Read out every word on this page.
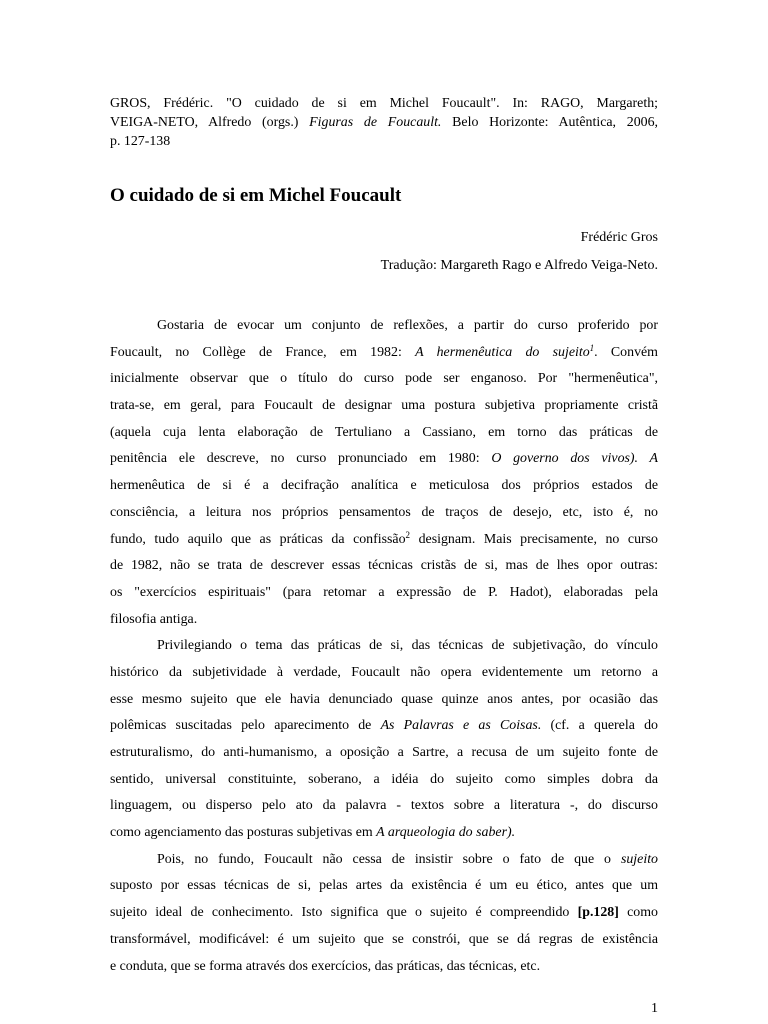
GROS, Frédéric. "O cuidado de si em Michel Foucault". In: RAGO, Margareth;
VEIGA-NETO, Alfredo (orgs.) Figuras de Foucault. Belo Horizonte: Autêntica, 2006,
p. 127-138
O cuidado de si em Michel Foucault
Frédéric Gros
Tradução: Margareth Rago e Alfredo Veiga-Neto.
Gostaria de evocar um conjunto de reflexões, a partir do curso proferido por
Foucault, no Collège de France, em 1982: A hermenêutica do sujeito$^1$. Convém
inicialmente observar que o título do curso pode ser enganoso. Por "hermenêutica",
trata-se, em geral, para Foucault de designar uma postura subjetiva propriamente cristã
(aquela cuja lenta elaboração de Tertuliano a Cassiano, em torno das práticas de
penitência ele descreve, no curso pronunciado em 1980: O governo dos vivos). A
hermenêutica de si é a decifração analítica e meticulosa dos próprios estados de
consciência, a leitura nos próprios pensamentos de traços de desejo, etc, isto é, no
fundo, tudo aquilo que as práticas da confissão$^2$ designam. Mais precisamente, no curso
de 1982, não se trata de descrever essas técnicas cristãs de si, mas de lhes opor outras:
os "exercícios espirituais" (para retomar a expressão de P. Hadot), elaboradas pela
filosofia antiga.
Privilegiando o tema das práticas de si, das técnicas de subjetivação, do vínculo
histórico da subjetividade à verdade, Foucault não opera evidentemente um retorno a
esse mesmo sujeito que ele havia denunciado quase quinze anos antes, por ocasião das
polêmicas suscitadas pelo aparecimento de As Palavras e as Coisas. (cf. a querela do
estruturalismo, do anti-humanismo, a oposição a Sartre, a recusa de um sujeito fonte de
sentido, universal constituinte, soberano, a idéia do sujeito como simples dobra da
linguagem, ou disperso pelo ato da palavra - textos sobre a literatura -, do discurso
como agenciamento das posturas subjetivas em A arqueologia do saber).
Pois, no fundo, Foucault não cessa de insistir sobre o fato de que o sujeito
suposto por essas técnicas de si, pelas artes da existência é um eu ético, antes que um
sujeito ideal de conhecimento. Isto significa que o sujeito é compreendido [p.128] como
transformável, modificável: é um sujeito que se constrói, que se dá regras de existência
e conduta, que se forma através dos exercícios, das práticas, das técnicas, etc.
1
